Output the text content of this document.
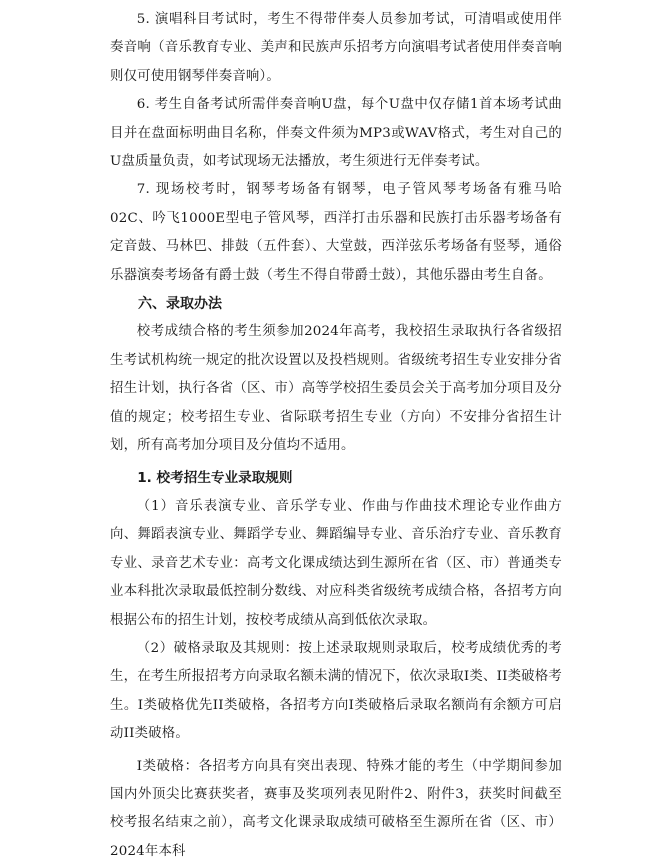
5. 演唱科目考试时，考生不得带伴奏人员参加考试，可清唱或使用伴奏音响（音乐教育专业、美声和民族声乐招考方向演唱考试者使用伴奏音响则仅可使用钢琴伴奏音响）。

6. 考生自备考试所需伴奏音响U盘，每个U盘中仅存储1首本场考试曲目并在盘面标明曲目名称，伴奏文件须为MP3或WAV格式，考生对自己的U盘质量负责，如考试现场无法播放，考生须进行无伴奏考试。

7. 现场校考时，钢琴考场备有钢琴，电子管风琴考场备有雅马哈02C、吟飞1000E型电子管风琴，西洋打击乐器和民族打击乐器考场备有定音鼓、马林巴、排鼓（五件套）、大堂鼓，西洋弦乐考场备有竖琴，通俗乐器演奏考场备有爵士鼓（考生不得自带爵士鼓），其他乐器由考生自备。

六、录取办法

校考成绩合格的考生须参加2024年高考，我校招生录取执行各省级招生考试机构统一规定的批次设置以及投档规则。省级统考招生专业安排分省招生计划，执行各省（区、市）高等学校招生委员会关于高考加分项目及分值的规定；校考招生专业、省际联考招生专业（方向）不安排分省招生计划，所有高考加分项目及分值均不适用。

1. 校考招生专业录取规则

（1）音乐表演专业、音乐学专业、作曲与作曲技术理论专业作曲方向、舞蹈表演专业、舞蹈学专业、舞蹈编导专业、音乐治疗专业、音乐教育专业、录音艺术专业：高考文化课成绩达到生源所在省（区、市）普通类专业本科批次录取最低控制分数线、对应科类省级统考成绩合格，各招考方向根据公布的招生计划，按校考成绩从高到低依次录取。

（2）破格录取及其规则：按上述录取规则录取后，校考成绩优秀的考生，在考生所报招考方向录取名额未满的情况下，依次录取I类、II类破格考生。I类破格优先II类破格，各招考方向I类破格后录取名额尚有余额方可启动II类破格。

I类破格：各招考方向具有突出表现、特殊才能的考生（中学期间参加国内外顶尖比赛获奖者，赛事及奖项列表见附件2、附件3，获奖时间截至校考报名结束之前），高考文化课录取成绩可破格至生源所在省（区、市）2024年本科
